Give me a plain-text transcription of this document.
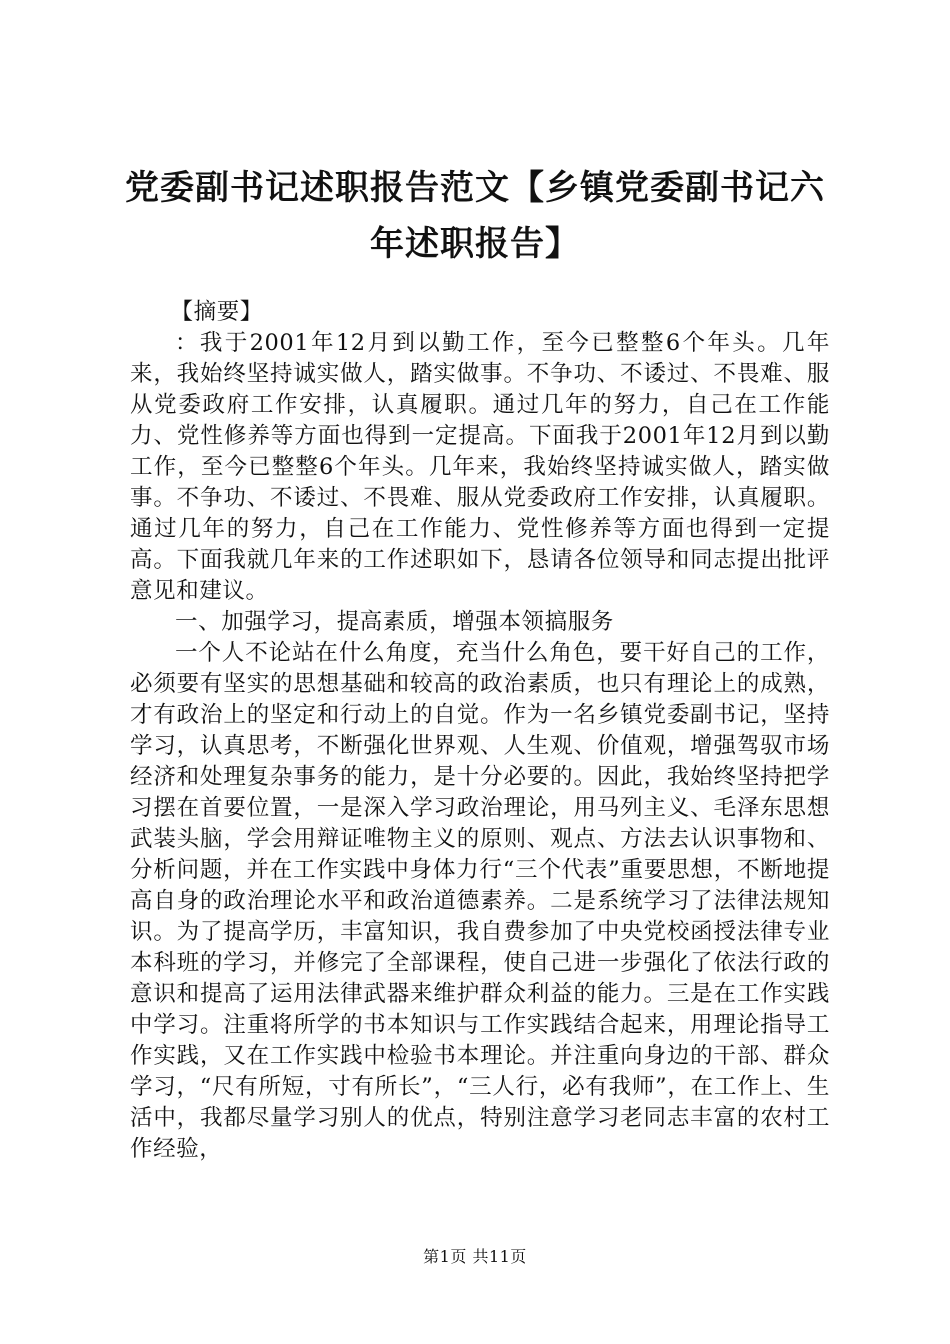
党委副书记述职报告范文【乡镇党委副书记六年述职报告】

【摘要】

：我于2001年12月到以勤工作，至今已整整6个年头。几年来，我始终坚持诚实做人，踏实做事。不争功、不诿过、不畏难、服从党委政府工作安排，认真履职。通过几年的努力，自己在工作能力、党性修养等方面也得到一定提高。下面我于2001年12月到以勤工作，至今已整整6个年头。几年来，我始终坚持诚实做人，踏实做事。不争功、不诿过、不畏难、服从党委政府工作安排，认真履职。通过几年的努力，自己在工作能力、党性修养等方面也得到一定提高。下面我就几年来的工作述职如下，恳请各位领导和同志提出批评意见和建议。

一、加强学习，提高素质，增强本领搞服务

一个人不论站在什么角度，充当什么角色，要干好自己的工作，必须要有坚实的思想基础和较高的政治素质，也只有理论上的成熟，才有政治上的坚定和行动上的自觉。作为一名乡镇党委副书记，坚持学习，认真思考，不断强化世界观、人生观、价值观，增强驾驭市场经济和处理复杂事务的能力，是十分必要的。因此，我始终坚持把学习摆在首要位置，一是深入学习政治理论，用马列主义、毛泽东思想武装头脑，学会用辩证唯物主义的原则、观点、方法去认识事物和、分析问题，并在工作实践中身体力行“三个代表”重要思想，不断地提高自身的政治理论水平和政治道德素养。二是系统学习了法律法规知识。为了提高学历，丰富知识，我自费参加了中央党校函授法律专业本科班的学习，并修完了全部课程，使自己进一步强化了依法行政的意识和提高了运用法律武器来维护群众利益的能力。三是在工作实践中学习。注重将所学的书本知识与工作实践结合起来，用理论指导工作实践，又在工作实践中检验书本理论。并注重向身边的干部、群众学习，“尺有所短，寸有所长”，“三人行，必有我师”，在工作上、生活中，我都尽量学习别人的优点，特别注意学习老同志丰富的农村工作经验，

第1页 共11页
